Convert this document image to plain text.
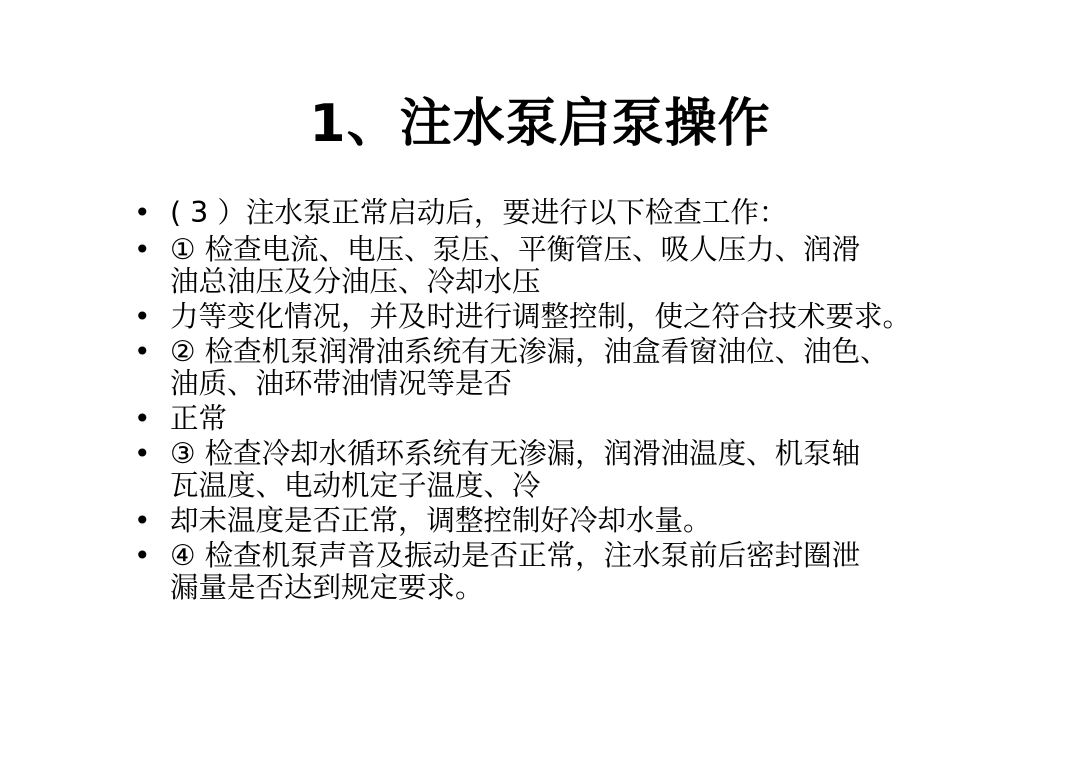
1、注水泵启泵操作
• ( 3 ）注水泵正常启动后，要进行以下检查工作：
• ① 检查电流、电压、泵压、平衡管压、吸人压力、润滑
油总油压及分油压、冷却水压
• 力等变化情况，并及时进行调整控制，使之符合技术要求。
• ② 检查机泵润滑油系统有无渗漏，油盒看窗油位、油色、
油质、油环带油情况等是否
• 正常
• ③ 检查冷却水循环系统有无渗漏，润滑油温度、机泵轴
瓦温度、电动机定子温度、冷
• 却未温度是否正常，调整控制好冷却水量。
• ④ 检查机泵声音及振动是否正常，注水泵前后密封圈泄
漏量是否达到规定要求。
